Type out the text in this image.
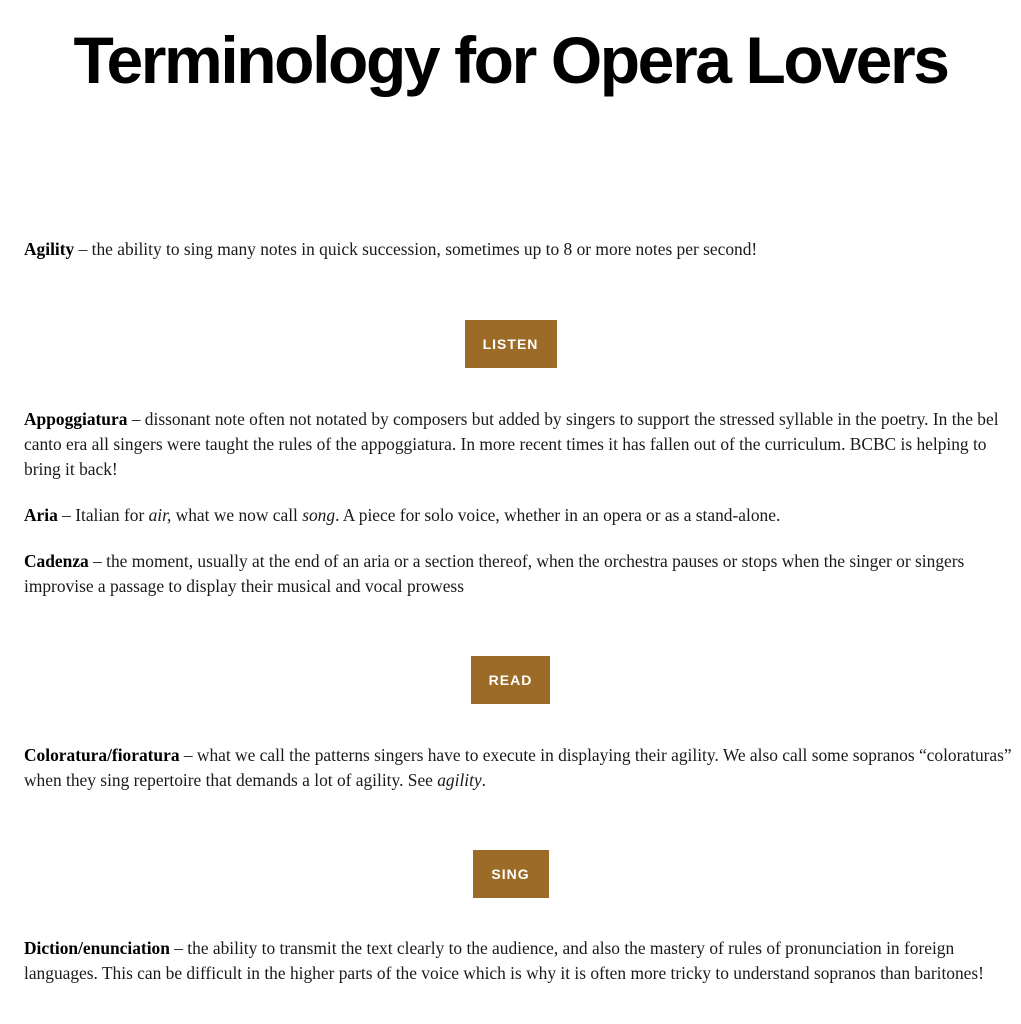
Terminology for Opera Lovers

Agility – the ability to sing many notes in quick succession, sometimes up to 8 or more notes per second!

LISTEN

Appoggiatura – dissonant note often not notated by composers but added by singers to support the stressed syllable in the poetry. In the bel canto era all singers were taught the rules of the appoggiatura. In more recent times it has fallen out of the curriculum. BCBC is helping to bring it back!

Aria – Italian for air, what we now call song. A piece for solo voice, whether in an opera or as a stand-alone.

Cadenza – the moment, usually at the end of an aria or a section thereof, when the orchestra pauses or stops when the singer or singers improvise a passage to display their musical and vocal prowess

READ

Coloratura/fioratura – what we call the patterns singers have to execute in displaying their agility. We also call some sopranos “coloraturas” when they sing repertoire that demands a lot of agility. See agility.

SING

Diction/enunciation – the ability to transmit the text clearly to the audience, and also the mastery of rules of pronunciation in foreign languages. This can be difficult in the higher parts of the voice which is why it is often more tricky to understand sopranos than baritones!
